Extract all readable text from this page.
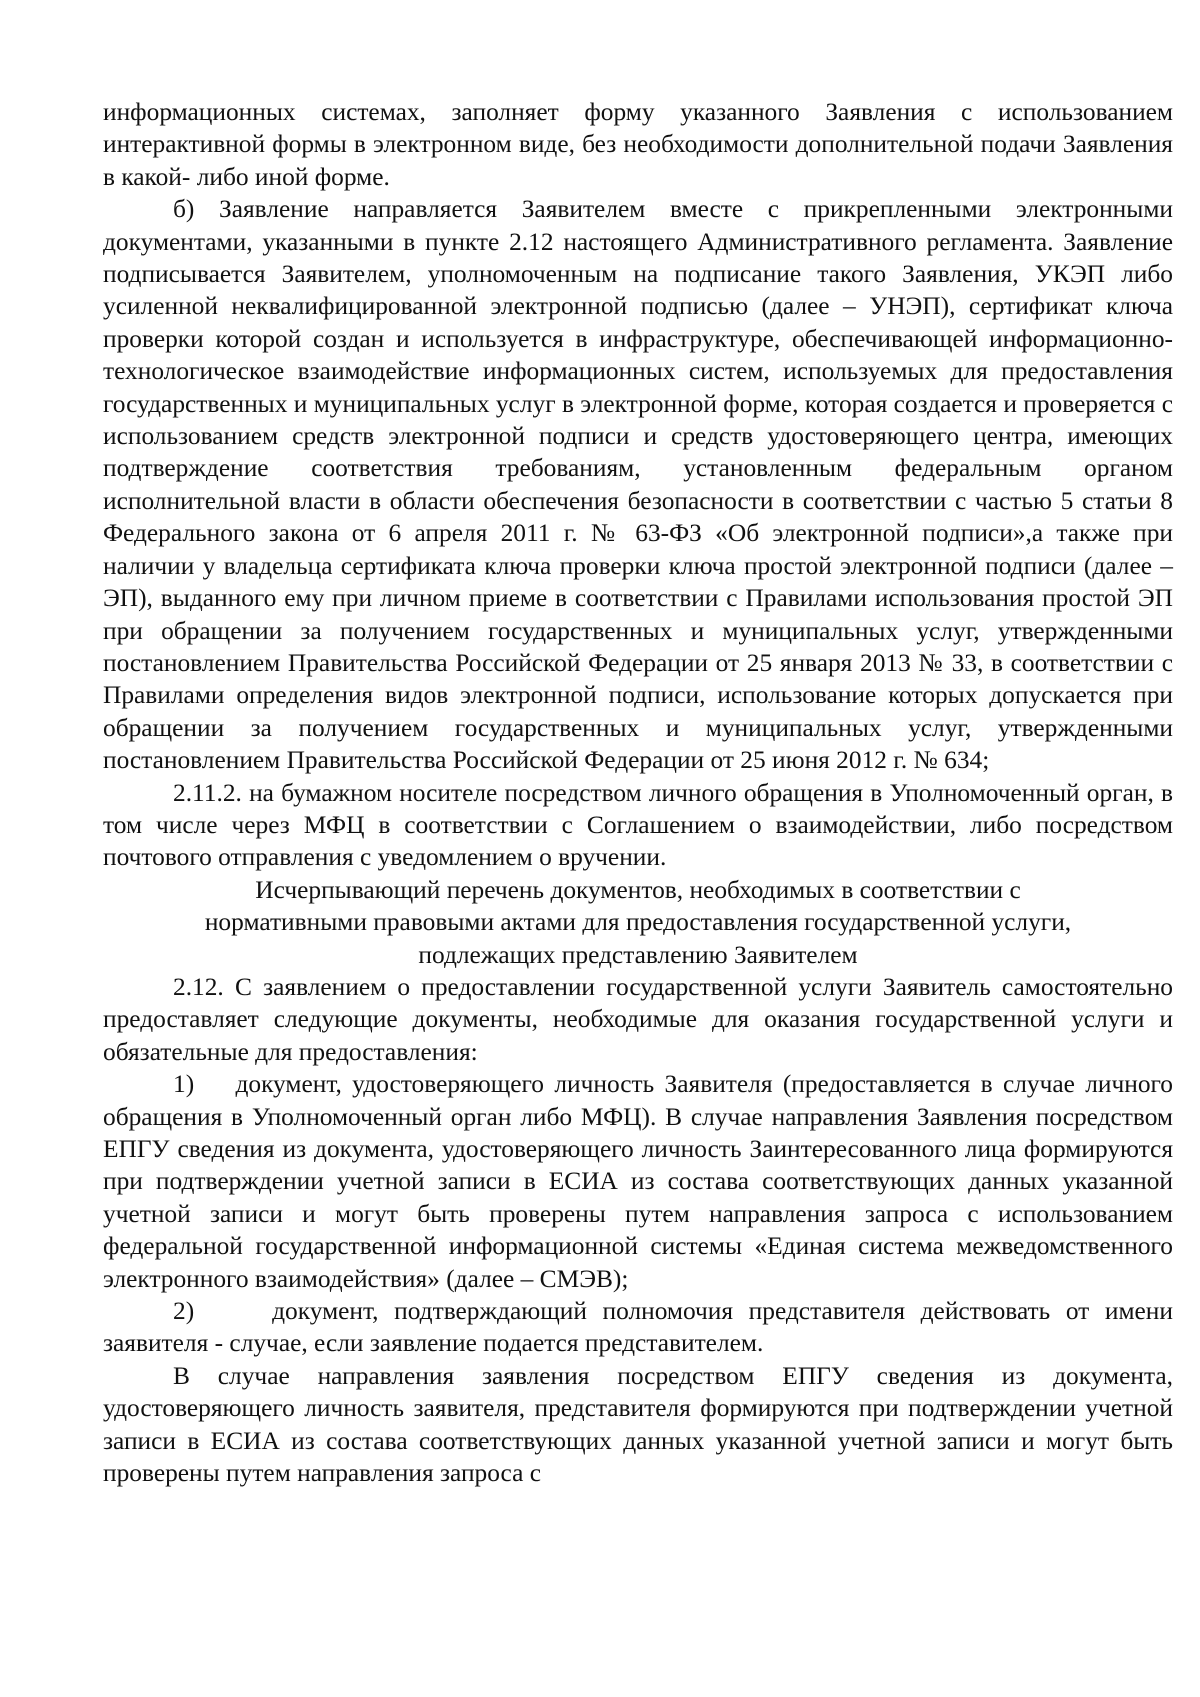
информационных системах, заполняет форму указанного Заявления с использованием интерактивной формы в электронном виде, без необходимости дополнительной подачи Заявления в какой- либо иной форме.

б) Заявление направляется Заявителем вместе с прикрепленными электронными документами, указанными в пункте 2.12 настоящего Административного регламента. Заявление подписывается Заявителем, уполномоченным на подписание такого Заявления, УКЭП либо усиленной неквалифицированной электронной подписью (далее – УНЭП), сертификат ключа проверки которой создан и используется в инфраструктуре, обеспечивающей информационно-технологическое взаимодействие информационных систем, используемых для предоставления государственных и муниципальных услуг в электронной форме, которая создается и проверяется с использованием средств электронной подписи и средств удостоверяющего центра, имеющих подтверждение соответствия требованиям, установленным федеральным органом исполнительной власти в области обеспечения безопасности в соответствии с частью 5 статьи 8 Федерального закона от 6 апреля 2011 г. № 63-ФЗ «Об электронной подписи»,а также при наличии у владельца сертификата ключа проверки ключа простой электронной подписи (далее – ЭП), выданного ему при личном приеме в соответствии с Правилами использования простой ЭП при обращении за получением государственных и муниципальных услуг, утвержденными постановлением Правительства Российской Федерации от 25 января 2013 № 33, в соответствии с Правилами определения видов электронной подписи, использование которых допускается при обращении за получением государственных и муниципальных услуг, утвержденными постановлением Правительства Российской Федерации от 25 июня 2012 г. № 634;

2.11.2. на бумажном носителе посредством личного обращения в Уполномоченный орган, в том числе через МФЦ в соответствии с Соглашением о взаимодействии, либо посредством почтового отправления с уведомлением о вручении.

Исчерпывающий перечень документов, необходимых в соответствии с
нормативными правовыми актами для предоставления государственной услуги,
подлежащих представлению Заявителем

2.12. С заявлением о предоставлении государственной услуги Заявитель самостоятельно предоставляет следующие документы, необходимые для оказания государственной услуги и обязательные для предоставления:

1) документ, удостоверяющего личность Заявителя (предоставляется в случае личного обращения в Уполномоченный орган либо МФЦ). В случае направления Заявления посредством ЕПГУ сведения из документа, удостоверяющего личность Заинтересованного лица формируются при подтверждении учетной записи в ЕСИА из состава соответствующих данных указанной учетной записи и могут быть проверены путем направления запроса с использованием федеральной государственной информационной системы «Единая система межведомственного электронного взаимодействия» (далее – СМЭВ);

2)	документ, подтверждающий полномочия представителя действовать от имени заявителя - случае, если заявление подается представителем.

В случае направления заявления посредством ЕПГУ сведения из документа, удостоверяющего личность заявителя, представителя формируются при подтверждении учетной записи в ЕСИА из состава соответствующих данных указанной учетной записи и могут быть проверены путем направления запроса с
